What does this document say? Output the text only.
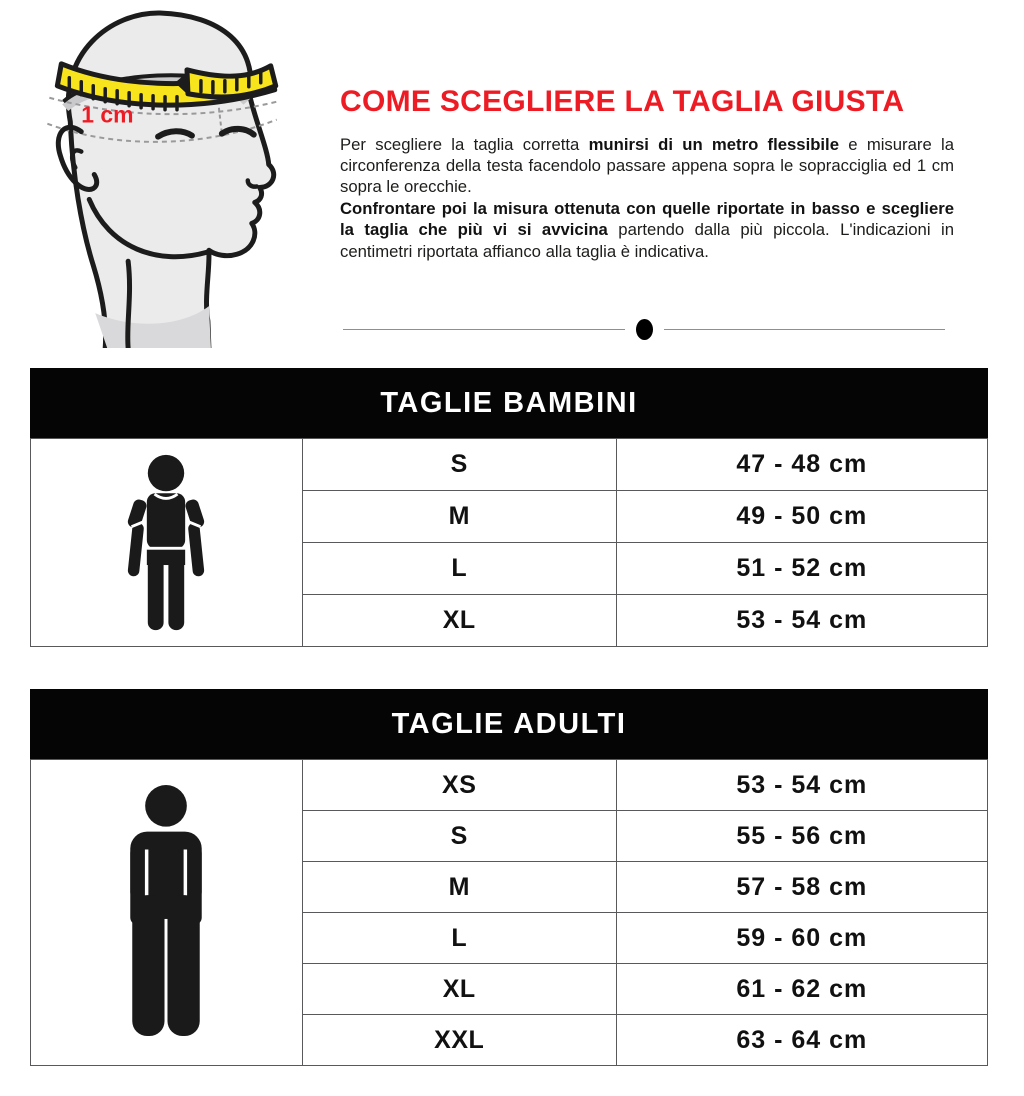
1 cm	COME SCEGLIERE LA TAGLIA GIUSTA

Per scegliere la taglia corretta munirsi di un metro flessibile e misurare la circonferenza della testa facendolo passare appena sopra le sopracciglia ed 1 cm sopra le orecchie.

Confrontare poi la misura ottenuta con quelle riportate in basso e scegliere la taglia che più vi si avvicina partendo dalla più piccola. L'indicazioni in centimetri riportata affianco alla taglia è indicativa.

TAGLIE BAMBINI
	S	47 - 48 cm
	M	49 - 50 cm
	L	51 - 52 cm
	XL	53 - 54 cm
TAGLIE ADULTI
	XS	53 - 54 cm
	S	55 - 56 cm
	M	57 - 58 cm
	L	59 - 60 cm
	XL	61 - 62 cm
	XXL	63 - 64 cm
